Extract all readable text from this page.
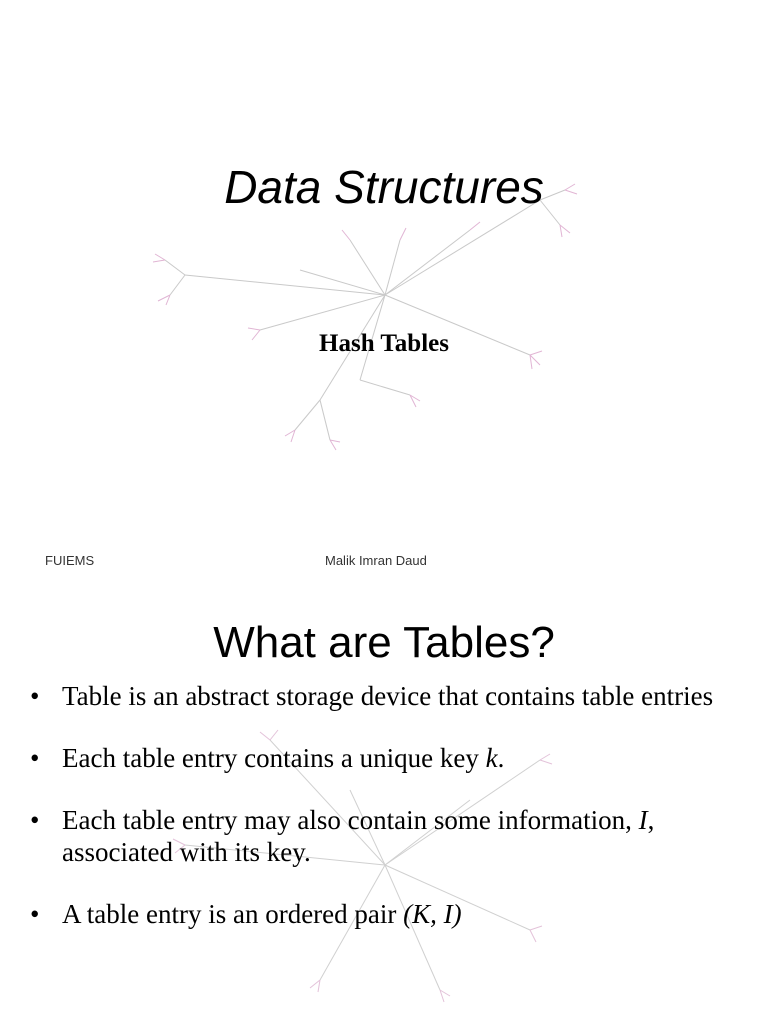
Data Structures
Hash Tables
FUIEMS	Malik Imran Daud
What are Tables?
• Table is an abstract storage device that contains table entries
• Each table entry contains a unique key k.
• Each table entry may also contain some information, I, associated with its key.
• A table entry is an ordered pair (K, I)
